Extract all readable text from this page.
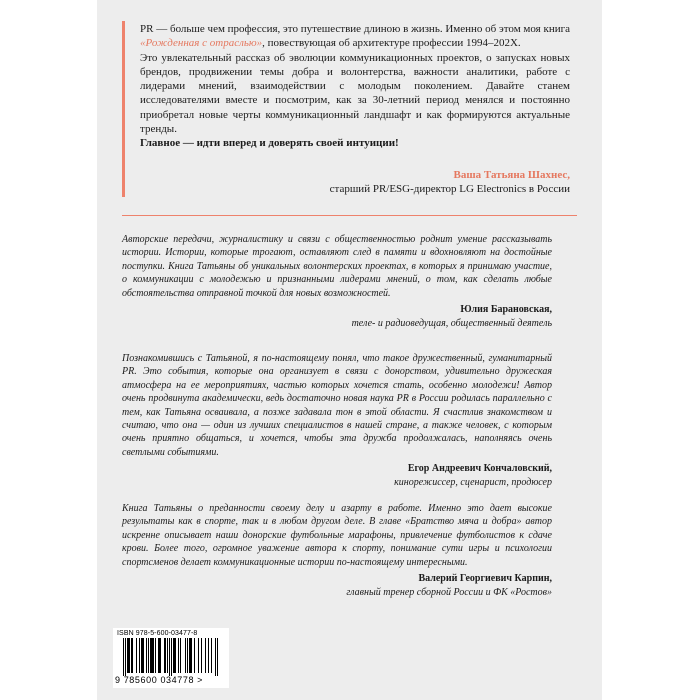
PR — больше чем профессия, это путешествие длиною в жизнь. Именно об этом моя книга «Рожденная с отраслью», повествующая об архитектуре профессии 1994–202Х.

Это увлекательный рассказ об эволюции коммуникационных проектов, о запусках новых брендов, продвижении темы добра и волонтерства, важности аналитики, работе с лидерами мнений, взаимодействии с молодым поколением. Давайте станем исследователями вместе и посмотрим, как за 30-летний период менялся и постоянно приобретал новые черты коммуникационный ландшафт и как формируются актуальные тренды.

Главное — идти вперед и доверять своей интуиции!

Ваша Татьяна Шахнес,
старший PR/ESG-директор LG Electronics в России

Авторские передачи, журналистику и связи с общественностью роднит умение рассказывать истории. Истории, которые трогают, оставляют след в памяти и вдохновляют на достойные поступки. Книга Татьяны об уникальных волонтерских проектах, в которых я принимаю участие, о коммуникации с молодежью и признанными лидерами мнений, о том, как сделать любые обстоятельства отправной точкой для новых возможностей.

Юлия Барановская,

теле- и радиоведущая, общественный деятель

Познакомившись с Татьяной, я по-настоящему понял, что такое дружественный, гуманитарный PR. Это события, которые она организует в связи с донорством, удивительно дружеская атмосфера на ее мероприятиях, частью которых хочется стать, особенно молодежи! Автор очень продвинута академически, ведь достаточно новая наука PR в России родилась параллельно с тем, как Татьяна осваивала, а позже задавала тон в этой области. Я счастлив знакомством и считаю, что она — один из лучших специалистов в нашей стране, а также человек, с которым очень приятно общаться, и хочется, чтобы эта дружба продолжалась, наполняясь очень светлыми событиями.

Егор Андреевич Кончаловский,

кинорежиссер, сценарист, продюсер

Книга Татьяны о преданности своему делу и азарту в работе. Именно это дает высокие результаты как в спорте, так и в любом другом деле. В главе «Братство мяча и добра» автор искренне описывает наши донорские футбольные марафоны, привлечение футболистов к сдаче крови. Более того, огромное уважение автора к спорту, понимание сути игры и психологии спортсменов делает коммуникационные истории по-настоящему интересными.

Валерий Георгиевич Карпин,

главный тренер сборной России и ФК «Ростов»

ISBN 978-5-600-03477-8
9 785600 034778 >
